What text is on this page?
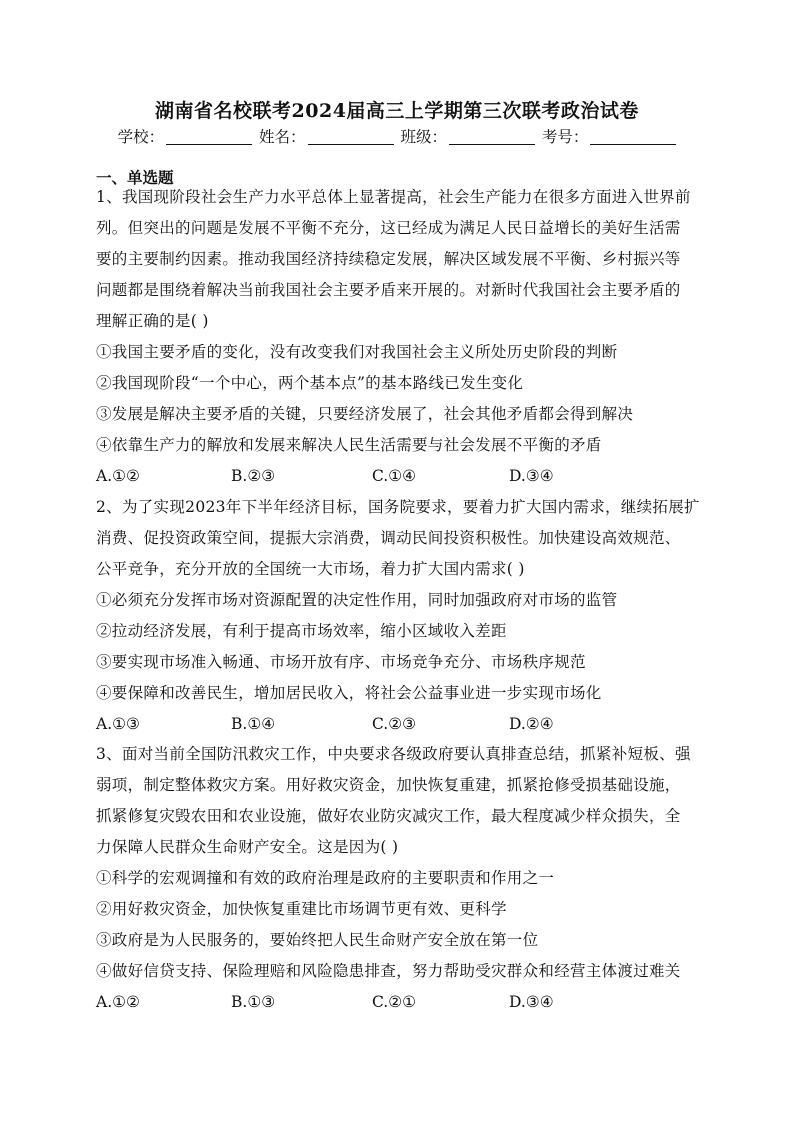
湖南省名校联考2024届高三上学期第三次联考政治试卷
学校：	姓名：	班级：	考号：
一、单选题
1、我国现阶段社会生产力水平总体上显著提高，社会生产能力在很多方面进入世界前
列。但突出的问题是发展不平衡不充分，这已经成为满足人民日益增长的美好生活需
要的主要制约因素。推动我国经济持续稳定发展，解决区域发展不平衡、乡村振兴等
问题都是围绕着解决当前我国社会主要矛盾来开展的。对新时代我国社会主要矛盾的
理解正确的是( )
①我国主要矛盾的变化，没有改变我们对我国社会主义所处历史阶段的判断
②我国现阶段“一个中心，两个基本点”的基本路线已发生变化
③发展是解决主要矛盾的关键，只要经济发展了，社会其他矛盾都会得到解决
④依靠生产力的解放和发展来解决人民生活需要与社会发展不平衡的矛盾
A.①②	B.②③	C.①④	D.③④
2、为了实现2023年下半年经济目标，国务院要求，要着力扩大国内需求，继续拓展扩
消费、促投资政策空间，提振大宗消费，调动民间投资积极性。加快建设高效规范、
公平竞争，充分开放的全国统一大市场，着力扩大国内需求( )
①必须充分发挥市场对资源配置的决定性作用，同时加强政府对市场的监管
②拉动经济发展，有利于提高市场效率，缩小区域收入差距
③要实现市场准入畅通、市场开放有序、市场竞争充分、市场秩序规范
④要保障和改善民生，增加居民收入，将社会公益事业进一步实现市场化
A.①③	B.①④	C.②③	D.②④
3、面对当前全国防汛救灾工作，中央要求各级政府要认真排查总结，抓紧补短板、强
弱项，制定整体救灾方案。用好救灾资金，加快恢复重建，抓紧抢修受损基础设施，
抓紧修复灾毁农田和农业设施，做好农业防灾减灾工作，最大程度减少样众损失，全
力保障人民群众生命财产安全。这是因为( )
①科学的宏观调撞和有效的政府治理是政府的主要职责和作用之一
②用好救灾资金，加快恢复重建比市场调节更有效、更科学
③政府是为人民服务的，要始终把人民生命财产安全放在第一位
④做好信贷支持、保险理赔和风险隐患排查，努力帮助受灾群众和经营主体渡过难关
A.①②	B.①③	C.②①	D.③④
